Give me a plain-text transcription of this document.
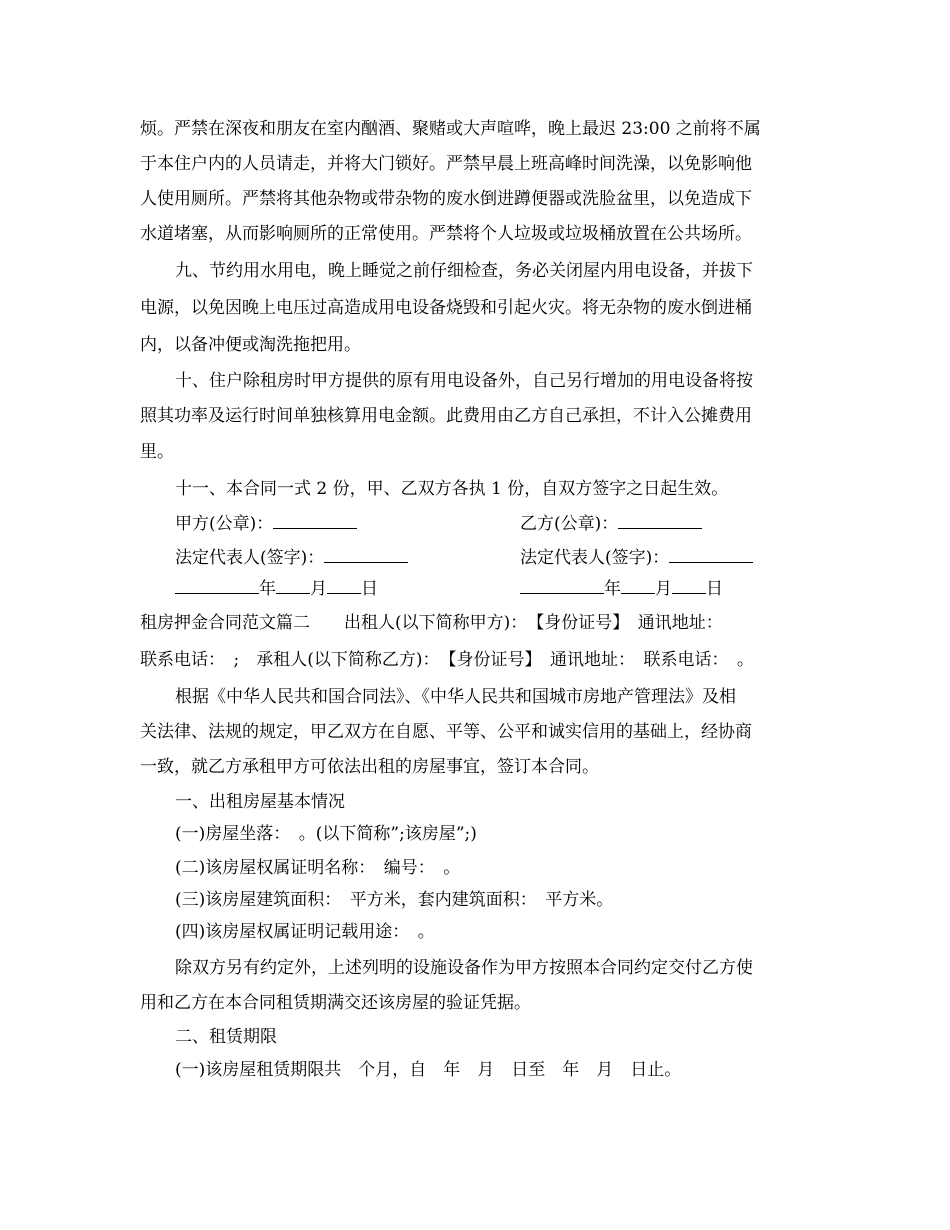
烦。严禁在深夜和朋友在室内酗酒、聚赌或大声喧哗，晚上最迟 23:00 之前将不属
于本住户内的人员请走，并将大门锁好。严禁早晨上班高峰时间洗澡，以免影响他
人使用厕所。严禁将其他杂物或带杂物的废水倒进蹲便器或洗脸盆里，以免造成下
水道堵塞，从而影响厕所的正常使用。严禁将个人垃圾或垃圾桶放置在公共场所。
九、节约用水用电，晚上睡觉之前仔细检查，务必关闭屋内用电设备，并拔下
电源，以免因晚上电压过高造成用电设备烧毁和引起火灾。将无杂物的废水倒进桶
内，以备冲便或淘洗拖把用。
十、住户除租房时甲方提供的原有用电设备外，自己另行增加的用电设备将按
照其功率及运行时间单独核算用电金额。此费用由乙方自己承担，不计入公摊费用
里。
十一、本合同一式 2 份，甲、乙双方各执 1 份，自双方签字之日起生效。
甲方(公章)：	乙方(公章)：
法定代表人(签字)：	法定代表人(签字)：
年 月 日	年 月 日
租房押金合同范文篇二　　出租人(以下简称甲方)：　【身份证号】　通讯地址：
联系电话：　;　承租人(以下简称乙方)：　【身份证号】　通讯地址：　联系电话：　。
根据《中华人民共和国合同法》、《中华人民共和国城市房地产管理法》及相
关法律、法规的规定，甲乙双方在自愿、平等、公平和诚实信用的基础上，经协商
一致，就乙方承租甲方可依法出租的房屋事宜，签订本合同。
一、出租房屋基本情况
(一)房屋坐落：　。(以下简称”;该房屋”;)
(二)该房屋权属证明名称：　编号：　。
(三)该房屋建筑面积：　平方米，套内建筑面积：　平方米。
(四)该房屋权属证明记载用途：　。
除双方另有约定外，上述列明的设施设备作为甲方按照本合同约定交付乙方使
用和乙方在本合同租赁期满交还该房屋的验证凭据。
二、租赁期限
(一)该房屋租赁期限共　个月，自　年　月　日至　年　月　日止。
